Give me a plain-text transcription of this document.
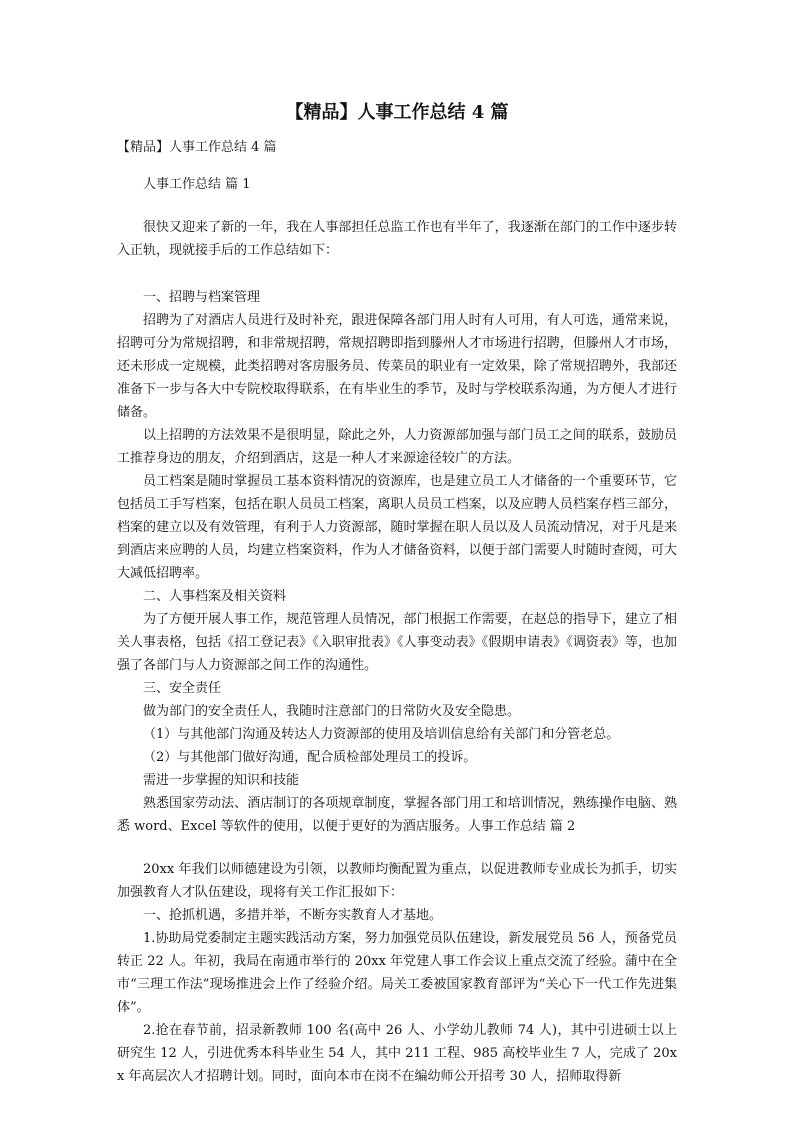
【精品】人事工作总结 4 篇

【精品】人事工作总结 4 篇

人事工作总结 篇 1

很快又迎来了新的一年，我在人事部担任总监工作也有半年了，我逐渐在部门的工作中逐步转入正轨，现就接手后的工作总结如下：

一、招聘与档案管理

招聘为了对酒店人员进行及时补充，跟进保障各部门用人时有人可用，有人可选，通常来说，招聘可分为常规招聘，和非常规招聘，常规招聘即指到滕州人才市场进行招聘，但滕州人才市场，还未形成一定规模，此类招聘对客房服务员、传菜员的职业有一定效果，除了常规招聘外，我部还准备下一步与各大中专院校取得联系，在有毕业生的季节，及时与学校联系沟通，为方便人才进行储备。

以上招聘的方法效果不是很明显，除此之外，人力资源部加强与部门员工之间的联系，鼓励员工推荐身边的朋友，介绍到酒店，这是一种人才来源途径较广的方法。

员工档案是随时掌握员工基本资料情况的资源库，也是建立员工人才储备的一个重要环节，它包括员工手写档案，包括在职人员员工档案，离职人员员工档案，以及应聘人员档案存档三部分，档案的建立以及有效管理，有利于人力资源部，随时掌握在职人员以及人员流动情况，对于凡是来到酒店来应聘的人员，均建立档案资料，作为人才储备资料，以便于部门需要人时随时查阅，可大大减低招聘率。

二、人事档案及相关资料

为了方便开展人事工作，规范管理人员情况，部门根据工作需要，在赵总的指导下，建立了相关人事表格，包括《招工登记表》《入职审批表》《人事变动表》《假期申请表》《调资表》等，也加强了各部门与人力资源部之间工作的沟通性。

三、安全责任

做为部门的安全责任人，我随时注意部门的日常防火及安全隐患。

（1）与其他部门沟通及转达人力资源部的使用及培训信息给有关部门和分管老总。

（2）与其他部门做好沟通，配合质检部处理员工的投诉。

需进一步掌握的知识和技能

熟悉国家劳动法、酒店制订的各项规章制度，掌握各部门用工和培训情况，熟练操作电脑、熟悉 word、Excel 等软件的使用，以便于更好的为酒店服务。人事工作总结 篇 2

20xx 年我们以师德建设为引领，以教师均衡配置为重点，以促进教师专业成长为抓手，切实加强教育人才队伍建设，现将有关工作汇报如下：

一、抢抓机遇，多措并举，不断夯实教育人才基地。

1.协助局党委制定主题实践活动方案，努力加强党员队伍建设，新发展党员 56 人，预备党员转正 22 人。年初，我局在南通市举行的 20xx 年党建人事工作会议上重点交流了经验。蒲中在全市“三理工作法”现场推进会上作了经验介绍。局关工委被国家教育部评为“关心下一代工作先进集体”。

2.抢在春节前，招录新教师 100 名(高中 26 人、小学幼儿教师 74 人)，其中引进硕士以上研究生 12 人，引进优秀本科毕业生 54 人，其中 211 工程、985 高校毕业生 7 人，完成了 20xx 年高层次人才招聘计划。同时，面向本市在岗不在编幼师公开招考 30 人，招师取得新
